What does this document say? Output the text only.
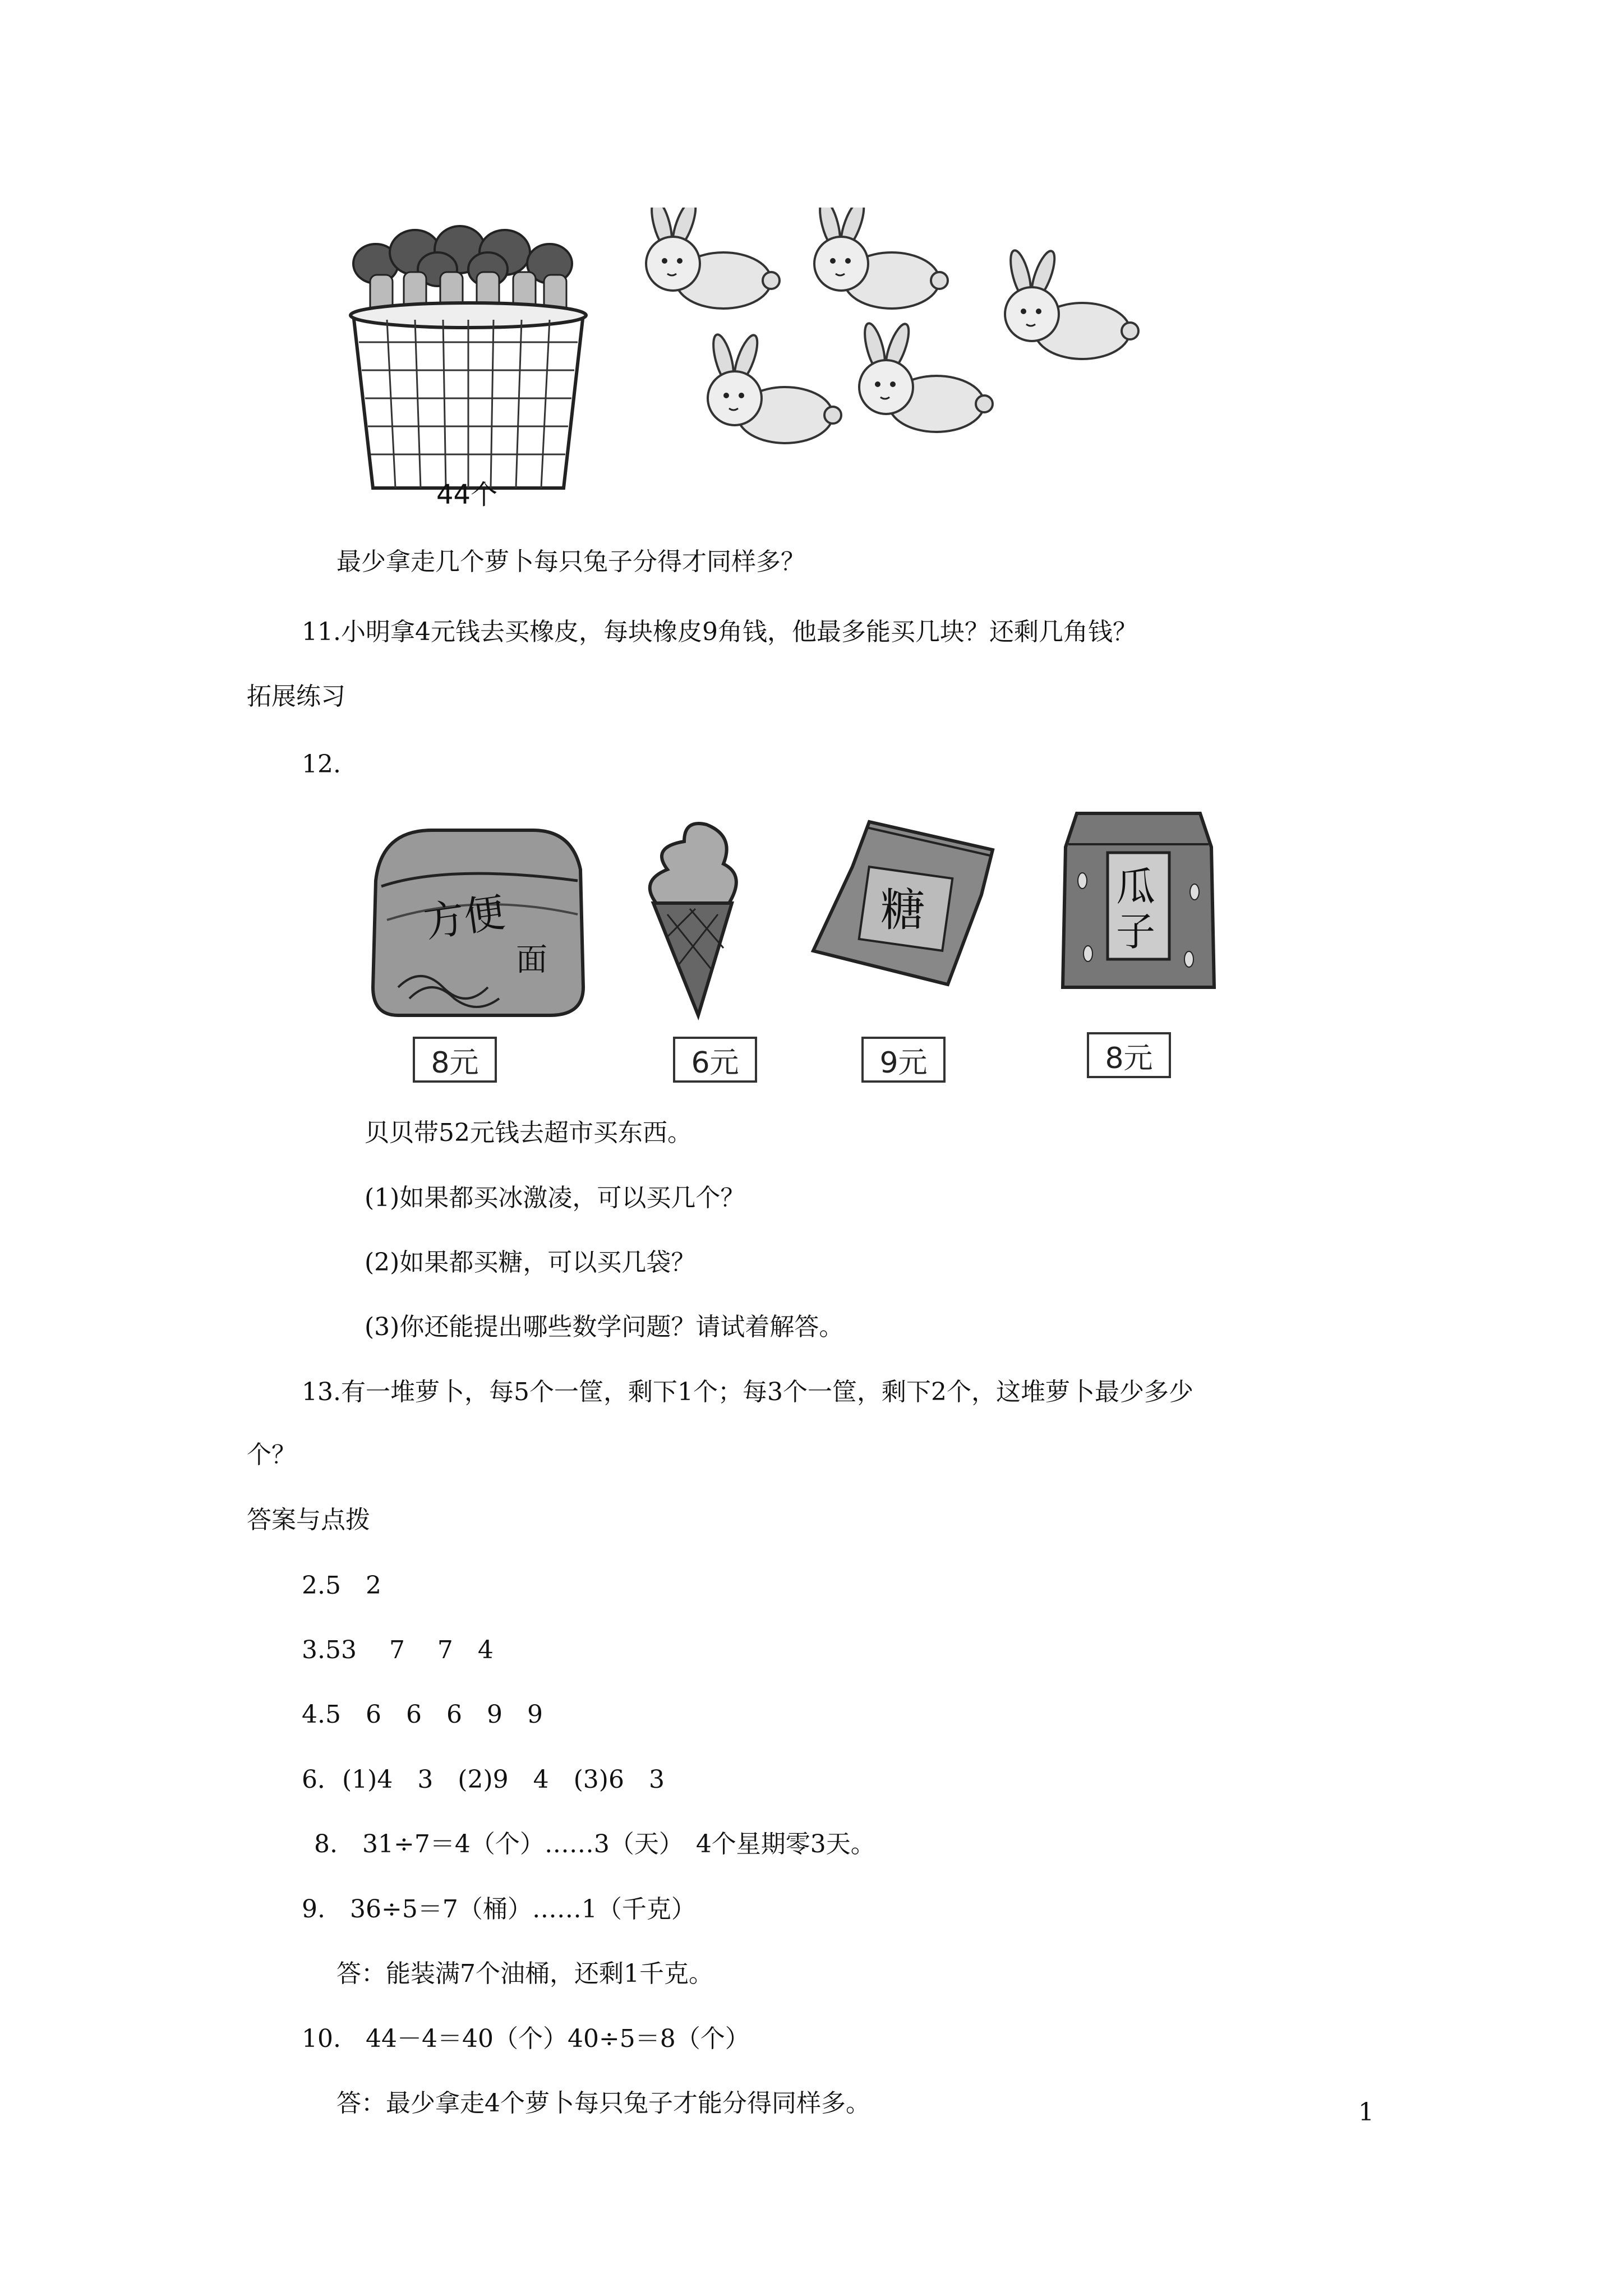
44个
最少拿走几个萝卜每只兔子分得才同样多？
11.小明拿4元钱去买橡皮，每块橡皮9角钱，他最多能买几块？还剩几角钱？
拓展练习
12.
方便
面
糖	瓜
子
8元	6元	9元	8元
贝贝带52元钱去超市买东西。
(1)如果都买冰激凌，可以买几个？
(2)如果都买糖，可以买几袋？
(3)你还能提出哪些数学问题？请试着解答。
13.有一堆萝卜，每5个一筐，剩下1个；每3个一筐，剩下2个，这堆萝卜最少多少
个？
答案与点拨
2.5　2
3.53　 7　 7　4
4.5　6　6　6　9　9
6．(1)4　3　(2)9　4　(3)6　3
8.　31÷7＝4（个）……3（天）　4个星期零3天。
9.　36÷5＝7（桶）……1（千克）
答：能装满7个油桶，还剩1千克。
10.　44－4＝40（个）40÷5＝8（个）
答：最少拿走4个萝卜每只兔子才能分得同样多。	1
